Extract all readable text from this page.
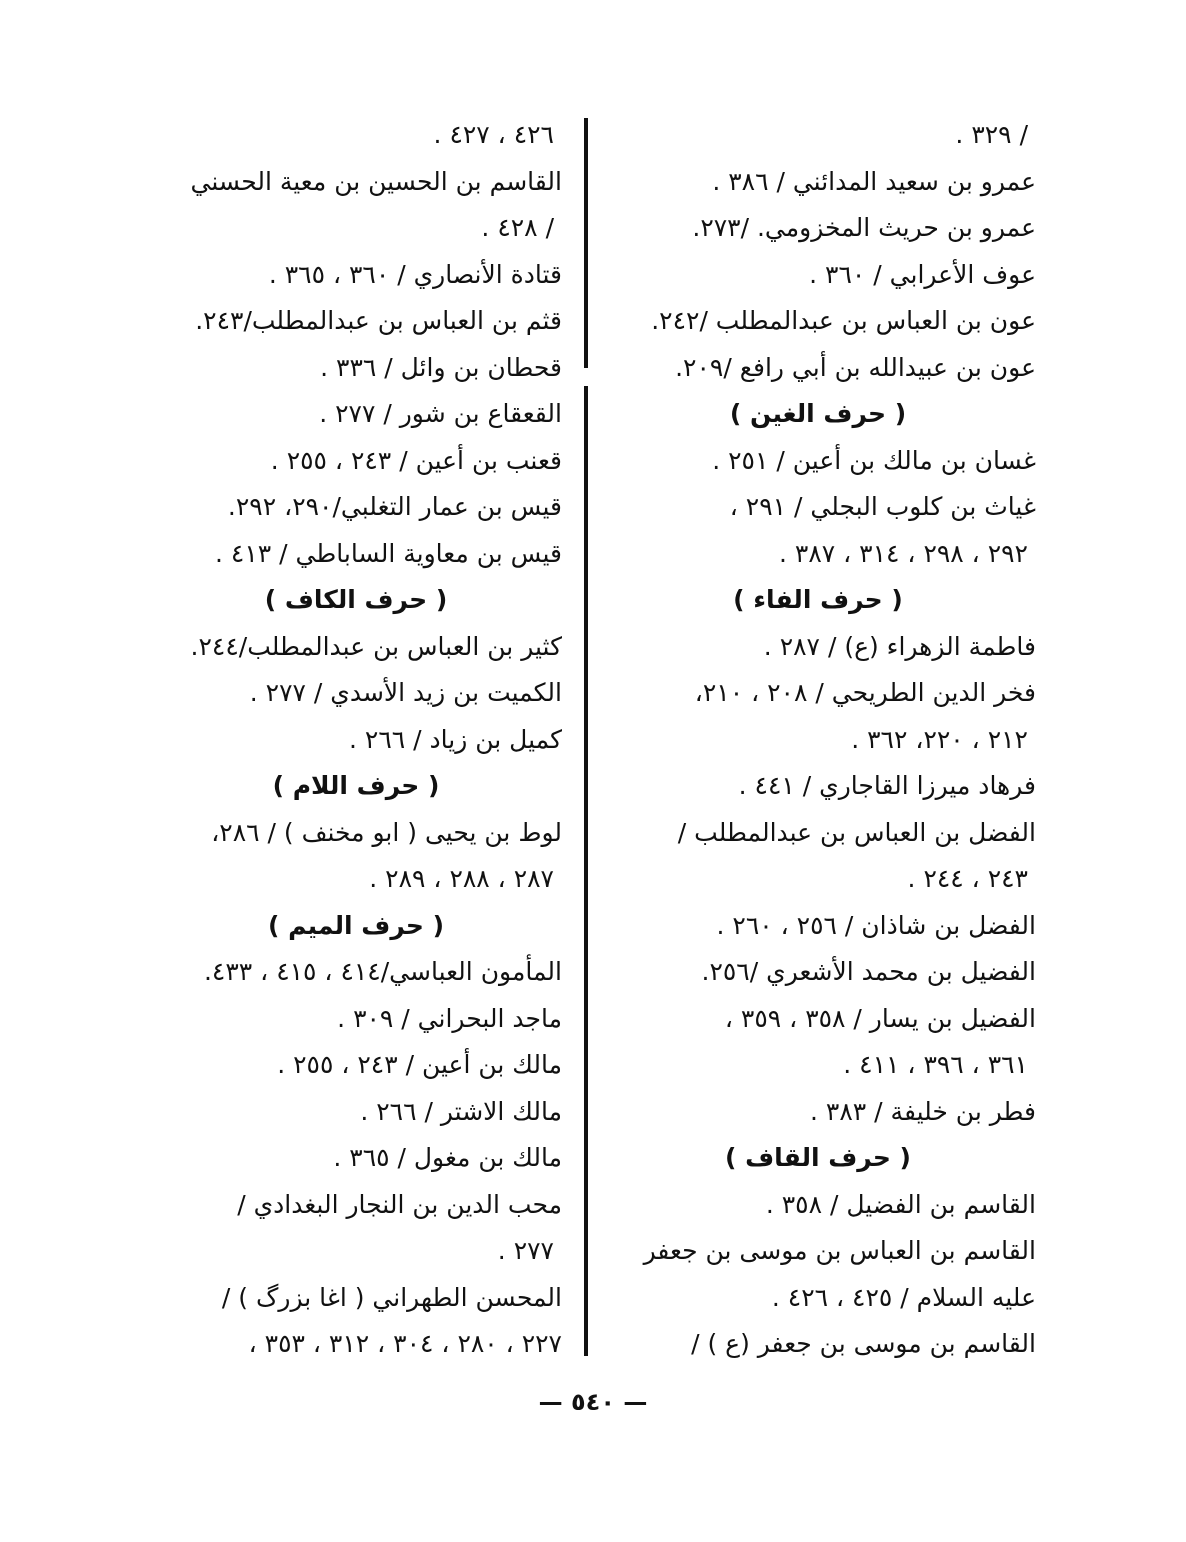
/ ٣٢٩ .
عمرو بن سعيد المدائني / ٣٨٦ .
عمرو بن حريث المخزومي. /٢٧٣.
عوف الأعرابي / ٣٦٠ .
عون بن العباس بن عبدالمطلب /٢٤٢.
عون بن عبيدالله بن أبي رافع /٢٠٩.
( حرف الغين )
غسان بن مالك بن أعين / ٢٥١ .
غياث بن كلوب البجلي / ٢٩١ ،
٢٩٢ ، ٢٩٨ ، ٣١٤ ، ٣٨٧ .
( حرف الفاء )
فاطمة الزهراء (ع) / ٢٨٧ .
فخر الدين الطريحي / ٢٠٨ ، ٢١٠،
٢١٢ ، ٢٢٠، ٣٦٢ .
فرهاد ميرزا القاجاري / ٤٤١ .
الفضل بن العباس بن عبدالمطلب /
٢٤٣ ، ٢٤٤ .
الفضل بن شاذان / ٢٥٦ ، ٢٦٠ .
الفضيل بن محمد الأشعري /٢٥٦.
الفضيل بن يسار / ٣٥٨ ، ٣٥٩ ،
٣٦١ ، ٣٩٦ ، ٤١١ .
فطر بن خليفة / ٣٨٣ .
( حرف القاف )
القاسم بن الفضيل / ٣٥٨ .
القاسم بن العباس بن موسى بن جعفر
عليه السلام / ٤٢٥ ، ٤٢٦ .
القاسم بن موسى بن جعفر (ع ) /
٤٢٦ ، ٤٢٧ .
القاسم بن الحسين بن معية الحسني
/ ٤٢٨ .
قتادة الأنصاري / ٣٦٠ ، ٣٦٥ .
قثم بن العباس بن عبدالمطلب/٢٤٣.
قحطان بن وائل / ٣٣٦ .
القعقاع بن شور / ٢٧٧ .
قعنب بن أعين / ٢٤٣ ، ٢٥٥ .
قيس بن عمار التغلبي/٢٩٠، ٢٩٢.
قيس بن معاوية الساباطي / ٤١٣ .
( حرف الكاف )
كثير بن العباس بن عبدالمطلب/٢٤٤.
الكميت بن زيد الأسدي / ٢٧٧ .
كميل بن زياد / ٢٦٦ .
( حرف اللام )
لوط بن يحيى ( ابو مخنف ) / ٢٨٦،
٢٨٧ ، ٢٨٨ ، ٢٨٩ .
( حرف الميم )
المأمون العباسي/٤١٤ ، ٤١٥ ، ٤٣٣.
ماجد البحراني / ٣٠٩ .
مالك بن أعين / ٢٤٣ ، ٢٥٥ .
مالك الاشتر / ٢٦٦ .
مالك بن مغول / ٣٦٥ .
محب الدين بن النجار البغدادي /
٢٧٧ .
المحسن الطهراني ( اغا بزرگ ) /
٢٢٧ ، ٢٨٠ ، ٣٠٤ ، ٣١٢ ، ٣٥٣ ،
— ٥٤٠ —
